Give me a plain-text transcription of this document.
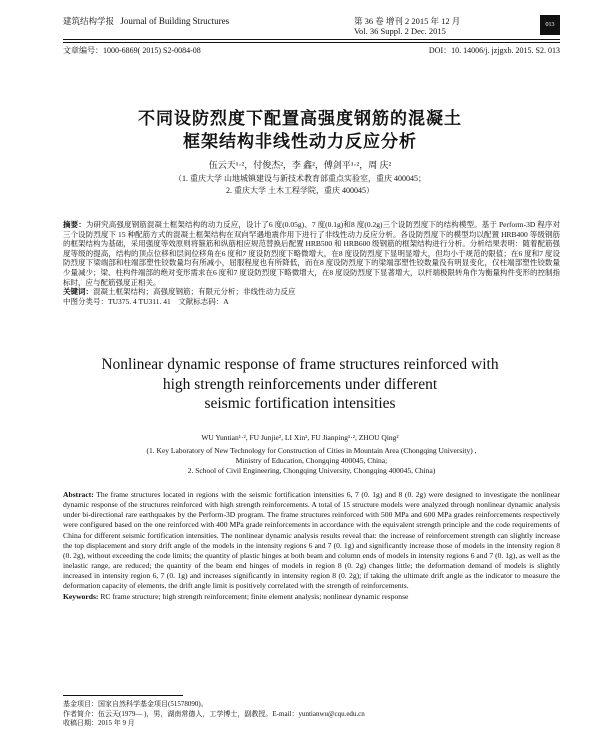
建筑结构学报 Journal of Building Structures	第 36 卷 增刊 2 2015 年 12 月
Vol. 36 Suppl. 2 Dec. 2015
013
文章编号：1000-6869( 2015) S2-0084-08	DOI：10. 14006/j. jzjgxb. 2015. S2. 013
不同设防烈度下配置高强度钢筋的混凝土
框架结构非线性动力反应分析
伍云天¹·²，付俊杰²，李 鑫²，傅剑平¹·²，周 庆²
（1. 重庆大学 山地城镇建设与新技术教育部重点实验室，重庆 400045；
2. 重庆大学 土木工程学院，重庆 400045）
摘要：为研究高强度钢筋混凝土框架结构的动力反应，设计了6 度(0.05g)、7 度(0.1g)和8 度(0.2g)三个设防烈度下的结构模型。基于 Perform-3D 程序对三个设防烈度下 15 种配筋方式的混凝土框架结构在双向罕遇地震作用下进行了非线性动力反应分析。各设防烈度下的模型均以配置 HRB400 等级钢筋的框架结构为基础，采用强度等效原则将箍筋和纵筋相应规范替换后配置 HRB500 和 HRB600 级钢筋的框架结构进行分析。分析结果表明：随着配筋强度等级的提高，结构的顶点位移和层间位移角在6 度和7 度设防烈度下略微增大，在8 度设防烈度下显明显增大，但均小于规范的限值；在6 度和7 度设防烈度下梁端部和柱端部塑性铰数量均有所减小，屈服程度也有所降低，而在8 度设防烈度下的梁端部塑性铰数量没有明显变化，仅柱端部塑性铰数量少量减少；梁、柱构件端部的绝对变形需求在6 度和7 度设防烈度下略微增大，在8 度设防烈度下显著增大，以杆端极限转角作为衡量构件变形的控制指标时，应与配筋强度正相关。
关键词：混凝土框架结构；高强度钢筋；有限元分析；非线性动力反应
中图分类号：TU375. 4 TU311. 41 文献标志码：A
Nonlinear dynamic response of frame structures reinforced with
high strength reinforcements under different
seismic fortification intensities
WU Yuntian¹·², FU Junjie², LI Xin², FU Jianping¹·², ZHOU Qing²
(1. Key Laboratory of New Technology for Construction of Cities in Mountain Area (Chongqing University) ,
Ministry of Education, Chongqing 400045, China;
2. School of Civil Engineering, Chongqing University, Chongqing 400045, China)
Abstract: The frame structures located in regions with the seismic fortification intensities 6, 7 (0. 1g) and 8 (0. 2g) were designed to investigate the nonlinear dynamic response of the structures reinforced with high strength reinforcements. A total of 15 structure models were analyzed through nonlinear dynamic analysis under bi-directional rare earthquakes by the Perform-3D program. The frame structures reinforced with 500 MPa and 600 MPa grades reinforcements respectively were configured based on the one reinforced with 400 MPa grade reinforcements in accordance with the equivalent strength principle and the code requirements of China for different seismic fortification intensities. The nonlinear dynamic analysis results reveal that: the increase of reinforcement strength can slightly increase the top displacement and story drift angle of the models in the intensity regions 6 and 7 (0. 1g) and significantly increase those of models in the intensity region 8 (0. 2g), without exceeding the code limits; the quantity of plastic hinges at both beam and column ends of models in intensity regions 6 and 7 (0. 1g), as well as the inelastic range, are reduced; the quantity of the beam end hinges of models in region 8 (0. 2g) changes little; the deformation demand of models is slightly increased in intensity region 6, 7 (0. 1g) and increases significantly in intensity region 8 (0. 2g); if taking the ultimate drift angle as the indicator to measure the deformation capacity of elements, the drift angle limit is positively correlated with the strength of reinforcements.
Keywords: RC frame structure; high strength reinforcement; finite element analysis; nonlinear dynamic response
基金项目：国家自然科学基金项目(51578090)。
作者简介：伍云天(1979— )，男，湖南常德人，工学博士，副教授。E-mail：yuntianwu@cqu.edu.cn
收稿日期：2015 年 9 月
